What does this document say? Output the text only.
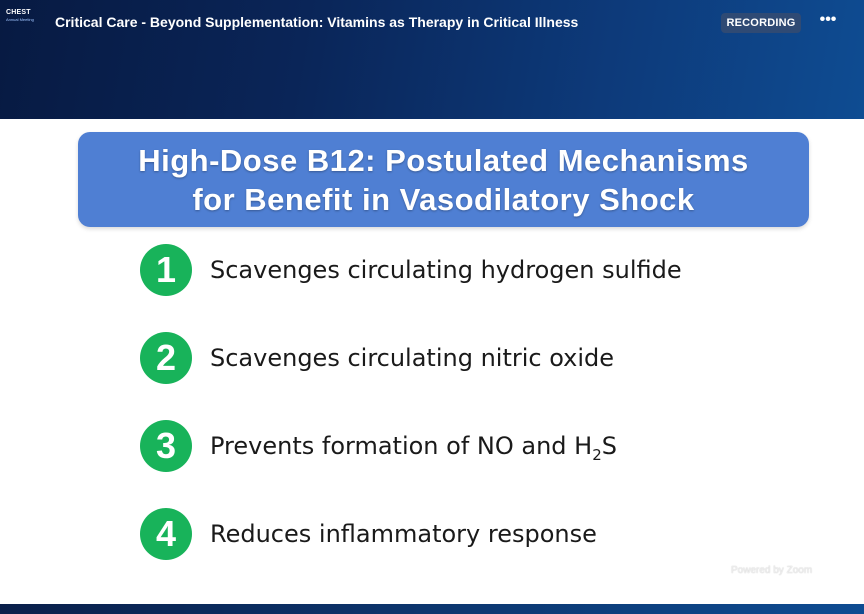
CHEST
Annual Meeting	Critical Care - Beyond Supplementation: Vitamins as Therapy in Critical Illness	RECORDING	•••
High-Dose B12: Postulated Mechanisms
for Benefit in Vasodilatory Shock
1	Scavenges circulating hydrogen sulfide
2	Scavenges circulating nitric oxide
3	Prevents formation of NO and $H_2S$
4	Reduces inflammatory response
Powered by Zoom
